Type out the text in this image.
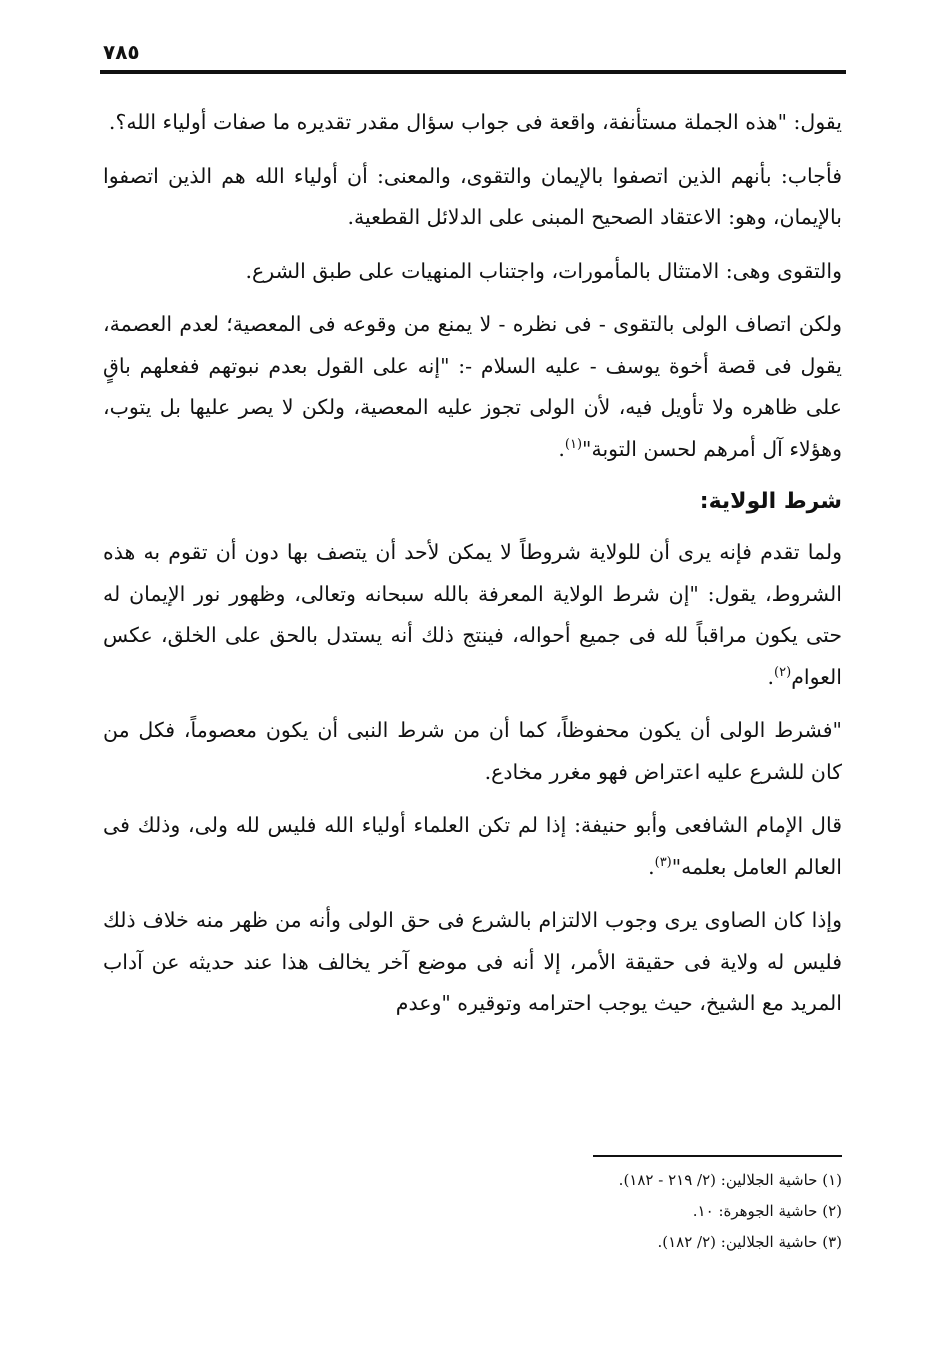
٧٨٥

يقول: "هذه الجملة مستأنفة، واقعة فى جواب سؤال مقدر تقديره ما صفات أولياء الله؟.

فأجاب: بأنهم الذين اتصفوا بالإيمان والتقوى، والمعنى: أن أولياء الله هم الذين اتصفوا بالإيمان، وهو: الاعتقاد الصحيح المبنى على الدلائل القطعية.

والتقوى وهى: الامتثال بالمأمورات، واجتناب المنهيات على طبق الشرع.

ولكن اتصاف الولى بالتقوى - فى نظره - لا يمنع من وقوعه فى المعصية؛ لعدم العصمة، يقول فى قصة أخوة يوسف - عليه السلام -: "إنه على القول بعدم نبوتهم ففعلهم باقٍ على ظاهره ولا تأويل فيه، لأن الولى تجوز عليه المعصية، ولكن لا يصر عليها بل يتوب، وهؤلاء آل أمرهم لحسن التوبة"$^{(١)}$.

شرط الولاية:

ولما تقدم فإنه يرى أن للولاية شروطاً لا يمكن لأحد أن يتصف بها دون أن تقوم به هذه الشروط، يقول: "إن شرط الولاية المعرفة بالله سبحانه وتعالى، وظهور نور الإيمان له حتى يكون مراقباً لله فى جميع أحواله، فينتج ذلك أنه يستدل بالحق على الخلق، عكس العوام$^{(٢)}$.

"فشرط الولى أن يكون محفوظاً، كما أن من شرط النبى أن يكون معصوماً، فكل من كان للشرع عليه اعتراض فهو مغرر مخادع.

قال الإمام الشافعى وأبو حنيفة: إذا لم تكن العلماء أولياء الله فليس لله ولى، وذلك فى العالم العامل بعلمه"$^{(٣)}$.

وإذا كان الصاوى يرى وجوب الالتزام بالشرع فى حق الولى وأنه من ظهر منه خلاف ذلك فليس له ولاية فى حقيقة الأمر، إلا أنه فى موضع آخر يخالف هذا عند حديثه عن آداب المريد مع الشيخ، حيث يوجب احترامه وتوقيره "وعدم

(١) حاشية الجلالين: (٢/ ٢١٩ - ١٨٢).
(٢) حاشية الجوهرة: ١٠.
(٣) حاشية الجلالين: (٢/ ١٨٢).
